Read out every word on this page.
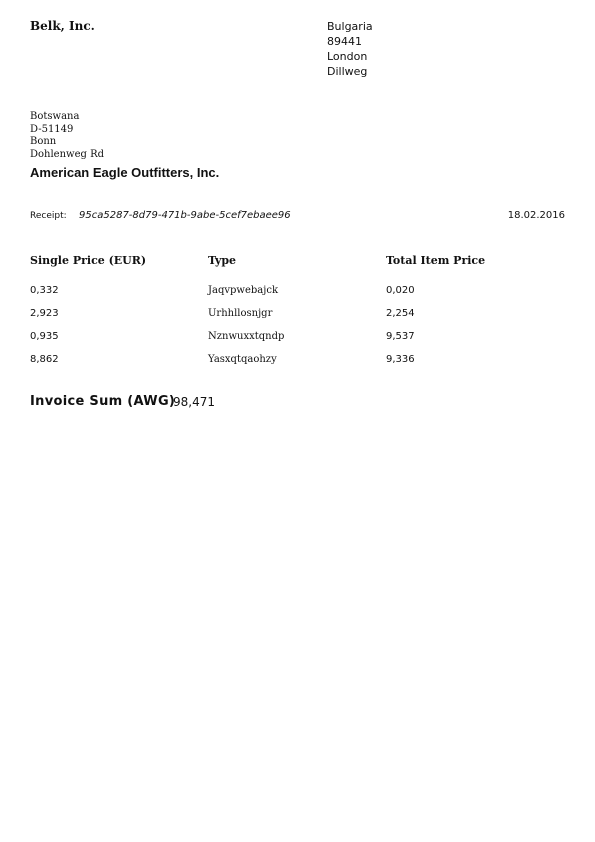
Belk, Inc.	Bulgaria
89441
London
Dillweg
Botswana
D-51149
Bonn
Dohlenweg Rd
American Eagle Outfitters, Inc.
Receipt: 95ca5287-8d79-471b-9abe-5cef7ebaee96	18.02.2016
Single Price (EUR)	Type	Total Item Price
0,332	Jaqvpwebajck	0,020
2,923	Urhhllosnjgr	2,254
0,935	Nznwuxxtqndp	9,537
8,862	Yasxqtqaohzy	9,336
Invoice Sum (AWG)
98,471
